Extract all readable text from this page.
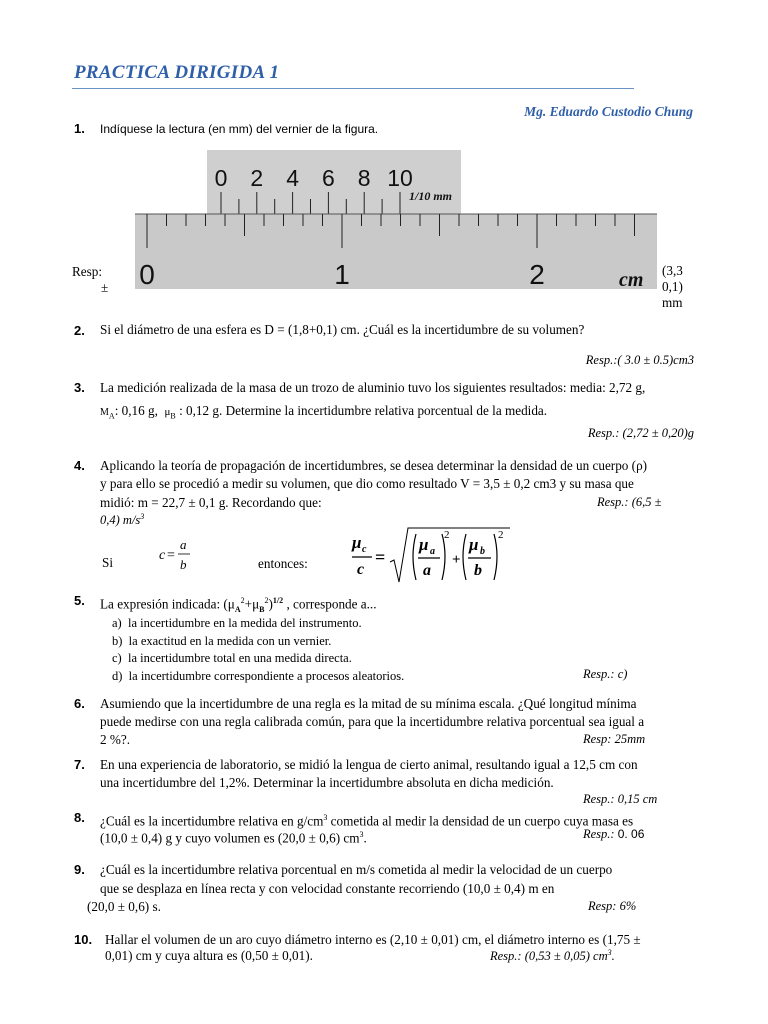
PRACTICA DIRIGIDA 1
Mg. Eduardo Custodio Chung
1. Indíquese la lectura (en mm) del vernier de la figura.
0 2 4 6 8 10
1/10 mm
0	1	2	cm
Resp:
±
(3,3
0,1)
mm
2. Si el diámetro de una esfera es D = (1,8+0,1) cm. ¿Cuál es la incertidumbre de su volumen?
Resp.:( 3.0 ± 0.5)cm3
3. La medición realizada de la masa de un trozo de aluminio tuvo los siguientes resultados: media: 2,72 g,
$M_A$: 0,16 g, $\mu_B$ : 0,12 g. Determine la incertidumbre relativa porcentual de la medida.
Resp.: (2,72 ± 0,20)g
4. Aplicando la teoría de propagación de incertidumbres, se desea determinar la densidad de un cuerpo (ρ)
y para ello se procedió a medir su volumen, que dio como resultado V = 3,5 ± 0,2 cm3 y su masa que
midió: m = 22,7 ± 0,1 g. Recordando que:	Resp.: (6,5 ±
0,4) $m/s^3$
Si	c =
a
b	entonces:
μ c
c
=
μ a
a
2
+
μ b
b
2
5. La expresión indicada: $(\mu_A^2+\mu_B^2)^{1/2}$ , corresponde a...
a) la incertidumbre en la medida del instrumento.
b) la exactitud en la medida con un vernier.
c) la incertidumbre total en una medida directa.
d) la incertidumbre correspondiente a procesos aleatorios.	Resp.: c)
6. Asumiendo que la incertidumbre de una regla es la mitad de su mínima escala. ¿Qué longitud mínima
puede medirse con una regla calibrada común, para que la incertidumbre relativa porcentual sea igual a
2 %?.	Resp: 25mm
7. En una experiencia de laboratorio, se midió la lengua de cierto animal, resultando igual a 12,5 cm con
una incertidumbre del 1,2%. Determinar la incertidumbre absoluta en dicha medición.
Resp.: 0,15 cm
8. ¿Cuál es la incertidumbre relativa en $g/cm^3$ cometida al medir la densidad de un cuerpo cuya masa es
(10,0 ± 0,4) g y cuyo volumen es (20,0 ± 0,6) $cm^3$.	Resp.: 0. 06
9. ¿Cuál es la incertidumbre relativa porcentual en m/s cometida al medir la velocidad de un cuerpo
que se desplaza en línea recta y con velocidad constante recorriendo (10,0 ± 0,4) m en
(20,0 ± 0,6) s.	Resp: 6%
10. Hallar el volumen de un aro cuyo diámetro interno es (2,10 ± 0,01) cm, el diámetro interno es (1,75 ±
0,01) cm y cuya altura es (0,50 ± 0,01).	Resp.: (0,53 ± 0,05) $cm^3$.
